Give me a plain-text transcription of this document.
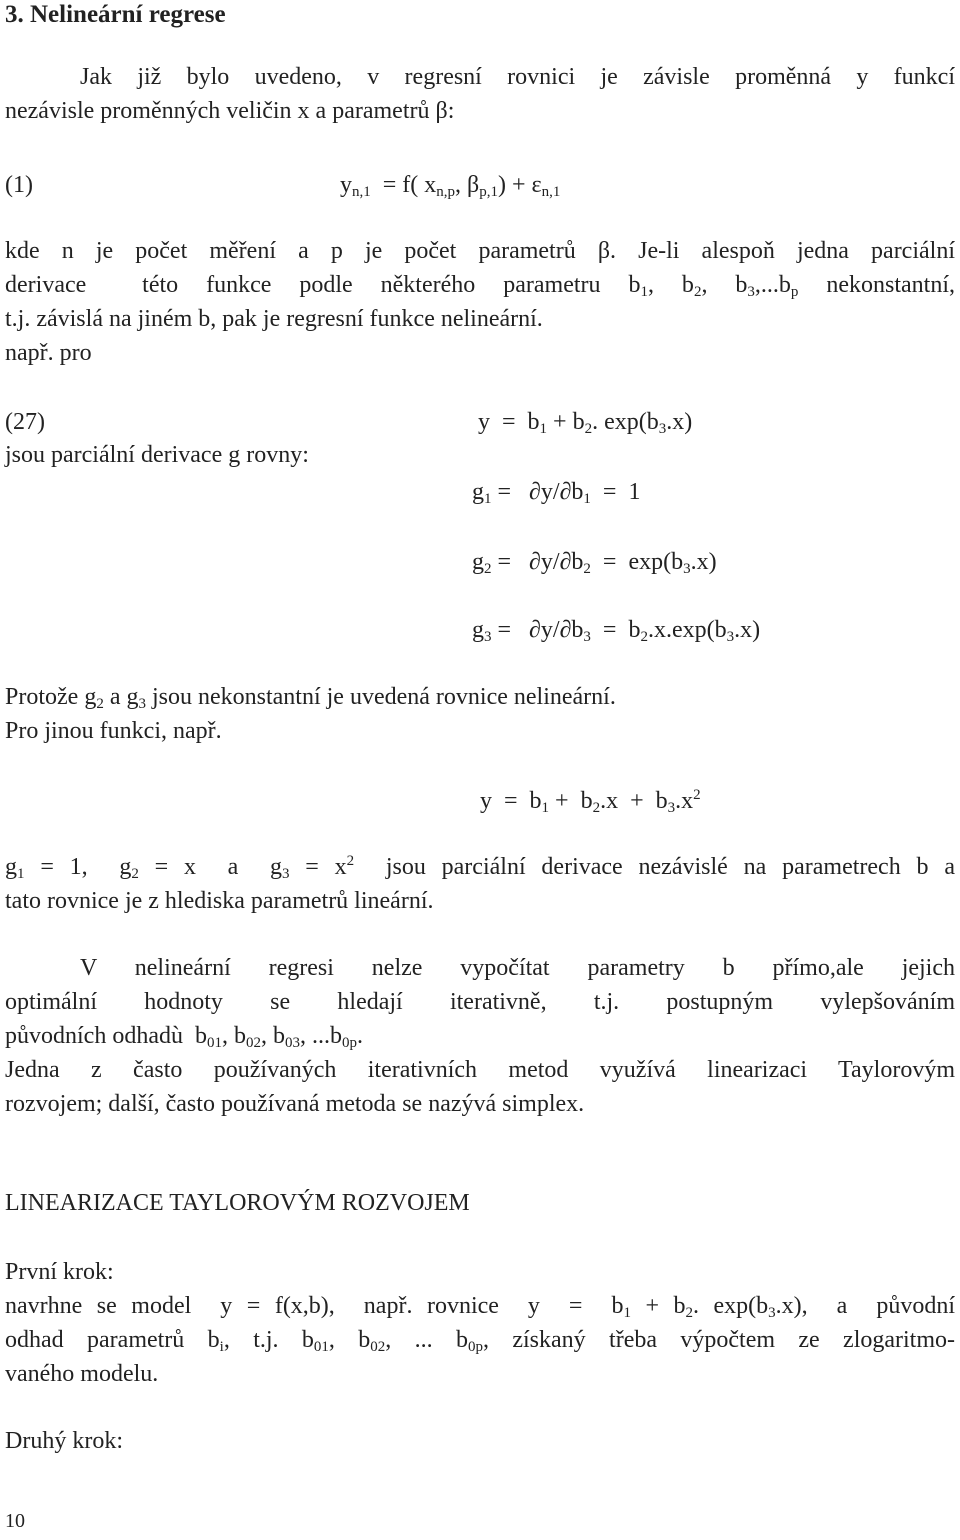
3. Nelineární regrese
Jak již bylo uvedeno, v regresní rovnici je závisle proměnná y funkcí
nezávisle proměnných veličin x a parametrů β:
(1)	$y_{n,1} = f$( $x_{n,p}$, $\beta_{p,1}) + \varepsilon_{n,1}$
kde n je počet měření a p je počet parametrů β. Je-li alespoň jedna parciální
derivace  této funkce podle některého parametru $b_1$, $b_2$, $b_3,...b_p$ nekonstantní,
t.j. závislá na jiném b, pak je regresní funkce nelineární.
např. pro
(27)	$y = b_1 + b_2$. $\exp(b_3.x)$
jsou parciální derivace g rovny:
$g_1 = \partial y/\partial b_1 = 1$
$g_2 = \partial y/\partial b_2 = \exp(b_3.x)$
$g_3 = \partial y/\partial b_3 = b_2.x.\exp(b_3.x)$
Protože $g_2$ a $g_3$ jsou nekonstantní je uvedená rovnice nelineární.
Pro jinou funkci, např.
$y = b_1 + b_2.x + b_3.x^2$
$g_1 = 1$,  $g_2 = x$  a  $g_3 = x^2$  jsou parciální derivace nezávislé na parametrech b a
tato rovnice je z hlediska parametrů lineární.
V nelineární regresi nelze vypočítat parametry b přímo,ale jejich
optimální hodnoty se hledají iterativně, t.j. postupným vylepšováním
původních odhadù  $b_{01}$, $b_{02}$, $b_{03}$, $...b_{0p}$.
Jedna z často používaných iterativních metod využívá linearizaci Taylorovým
rozvojem; další, často používaná metoda se nazývá simplex.
LINEARIZACE TAYLOROVÝM ROZVOJEM
První krok:
navrhne se model  y = f(x,b),  např. rovnice  $y = b_1 + b_2$. $\exp(b_3.x)$,  a  původní
odhad parametrů $b_i$, t.j. $b_{01}$, $b_{02}$, ... $b_{0p}$, získaný třeba výpočtem ze zlogaritmo-
vaného modelu.
Druhý krok:
10
